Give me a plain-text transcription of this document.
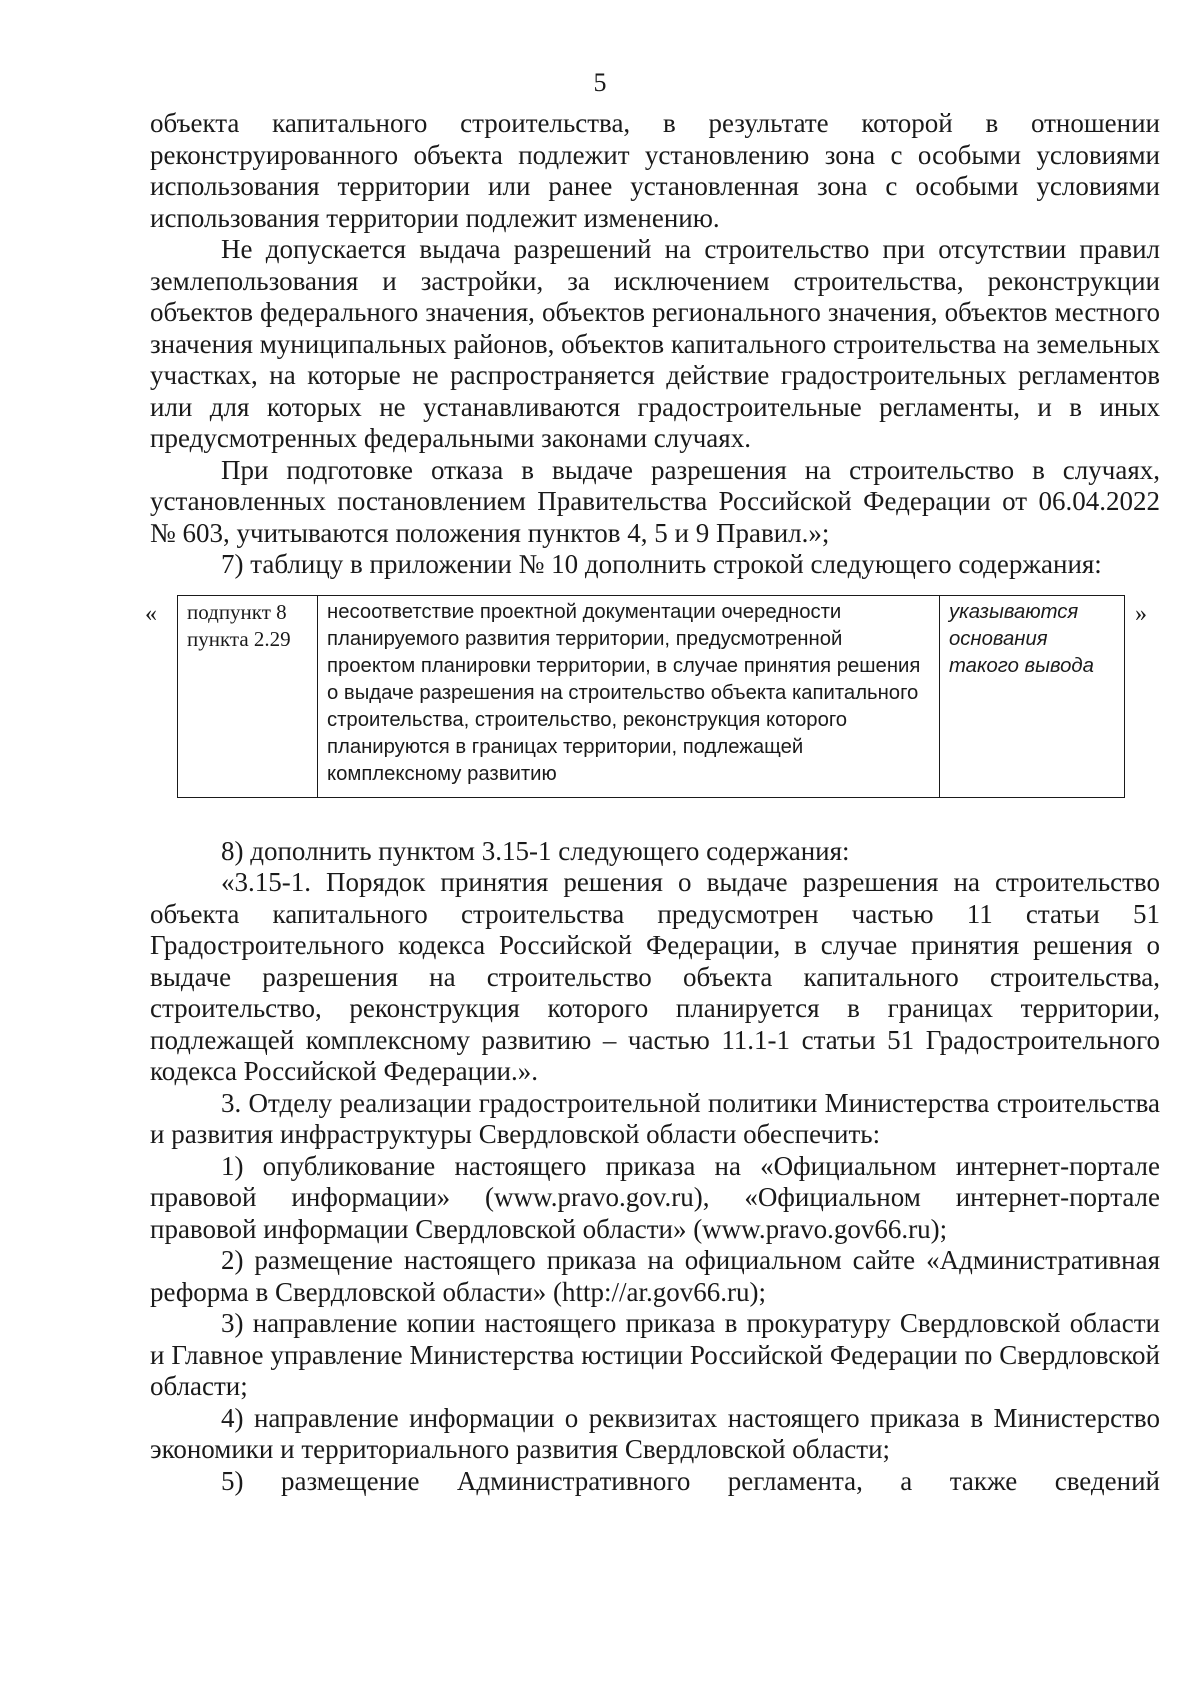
5

объекта капитального строительства, в результате которой в отношении реконструированного объекта подлежит установлению зона с особыми условиями использования территории или ранее установленная зона с особыми условиями использования территории подлежит изменению.

Не допускается выдача разрешений на строительство при отсутствии правил землепользования и застройки, за исключением строительства, реконструкции объектов федерального значения, объектов регионального значения, объектов местного значения муниципальных районов, объектов капитального строительства на земельных участках, на которые не распространяется действие градостроительных регламентов или для которых не устанавливаются градостроительные регламенты, и в иных предусмотренных федеральными законами случаях.

При подготовке отказа в выдаче разрешения на строительство в случаях, установленных постановлением Правительства Российской Федерации от 06.04.2022 № 603, учитываются положения пунктов 4, 5 и 9 Правил.»;

7) таблицу в приложении № 10 дополнить строкой следующего содержания:

« подпункт 8 пункта 2.29	несоответствие проектной документации очередности планируемого развития территории, предусмотренной проектом планировки территории, в случае принятия решения о выдаче разрешения на строительство объекта капитального строительства, строительство, реконструкция которого планируются в границах территории, подлежащей комплексному развитию	указываются основания такого вывода
»

8) дополнить пунктом 3.15-1 следующего содержания:

«3.15-1. Порядок принятия решения о выдаче разрешения на строительство объекта капитального строительства предусмотрен частью 11 статьи 51 Градостроительного кодекса Российской Федерации, в случае принятия решения о выдаче разрешения на строительство объекта капитального строительства, строительство, реконструкция которого планируется в границах территории, подлежащей комплексному развитию – частью 11.1-1 статьи 51 Градостроительного кодекса Российской Федерации.».

3. Отделу реализации градостроительной политики Министерства строительства и развития инфраструктуры Свердловской области обеспечить:

1) опубликование настоящего приказа на «Официальном интернет-портале правовой информации» (www.pravo.gov.ru), «Официальном интернет-портале правовой информации Свердловской области» (www.pravo.gov66.ru);

2) размещение настоящего приказа на официальном сайте «Административная реформа в Свердловской области» (http://ar.gov66.ru);

3) направление копии настоящего приказа в прокуратуру Свердловской области и Главное управление Министерства юстиции Российской Федерации по Свердловской области;

4) направление информации о реквизитах настоящего приказа в Министерство экономики и территориального развития Свердловской области;

5) размещение Административного регламента, а также сведений
